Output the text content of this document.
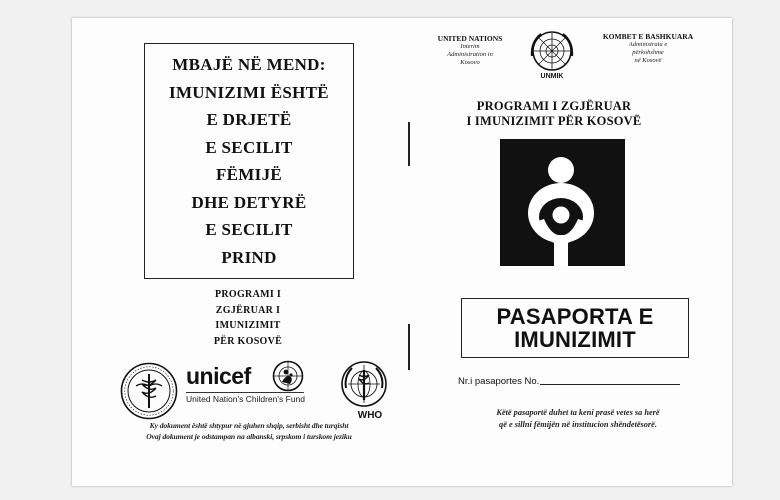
MBAJË NË MEND:
IMUNIZIMI ËSHTË
E DRJETË
E SECILIT
FËMIJË
DHE DETYRË
E SECILIT
PRIND
PROGRAMI I
ZGJËRUAR I
IMUNIZIMIT
PËR KOSOVË
unicef
United Nation's Children's Fund
WHO
Ky dokument është shtypur në gjuhen shqip, serbisht dhe turqisht
Ovaj dokument je odstampan na albanski, srpskom i turskom jeziku
UNITED NATIONS
Interim
Administration in
Kosovo
UNMIK
KOMBET E BASHKUARA
Administrata e
përkohshme
në Kosovë
PROGRAMI I ZGJËRUAR
I IMUNIZIMIT PËR KOSOVË
PASAPORTA E
IMUNIZIMIT
Nr.i pasaportes No.
Këtë pasaportë duhet ta keni prasë vetes sa herë
që e sillni fëmijën në institucion shëndetësorë.
